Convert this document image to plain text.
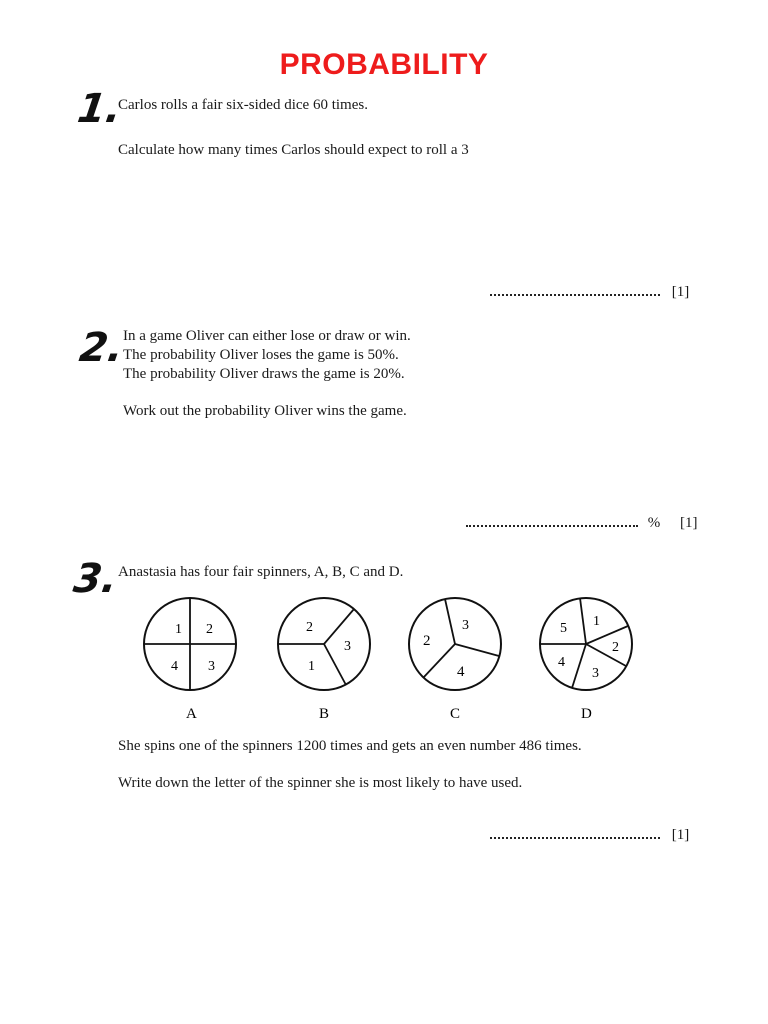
PROBABILITY
1.
Carlos rolls a fair six-sided dice 60 times.
Calculate how many times Carlos should expect to roll a 3
[1]
2.
In a game Oliver can either lose or draw or win.
The probability Oliver loses the game is 50%.
The probability Oliver draws the game is 20%.
Work out the probability Oliver wins the game.
% [1]
3.
Anastasia has four fair spinners, A, B, C and D.
1 2
4 3
A
2
3
1
B
2
3
4
C
5 1
2
3
4
D
She spins one of the spinners 1200 times and gets an even number 486 times.
Write down the letter of the spinner she is most likely to have used.
[1]
